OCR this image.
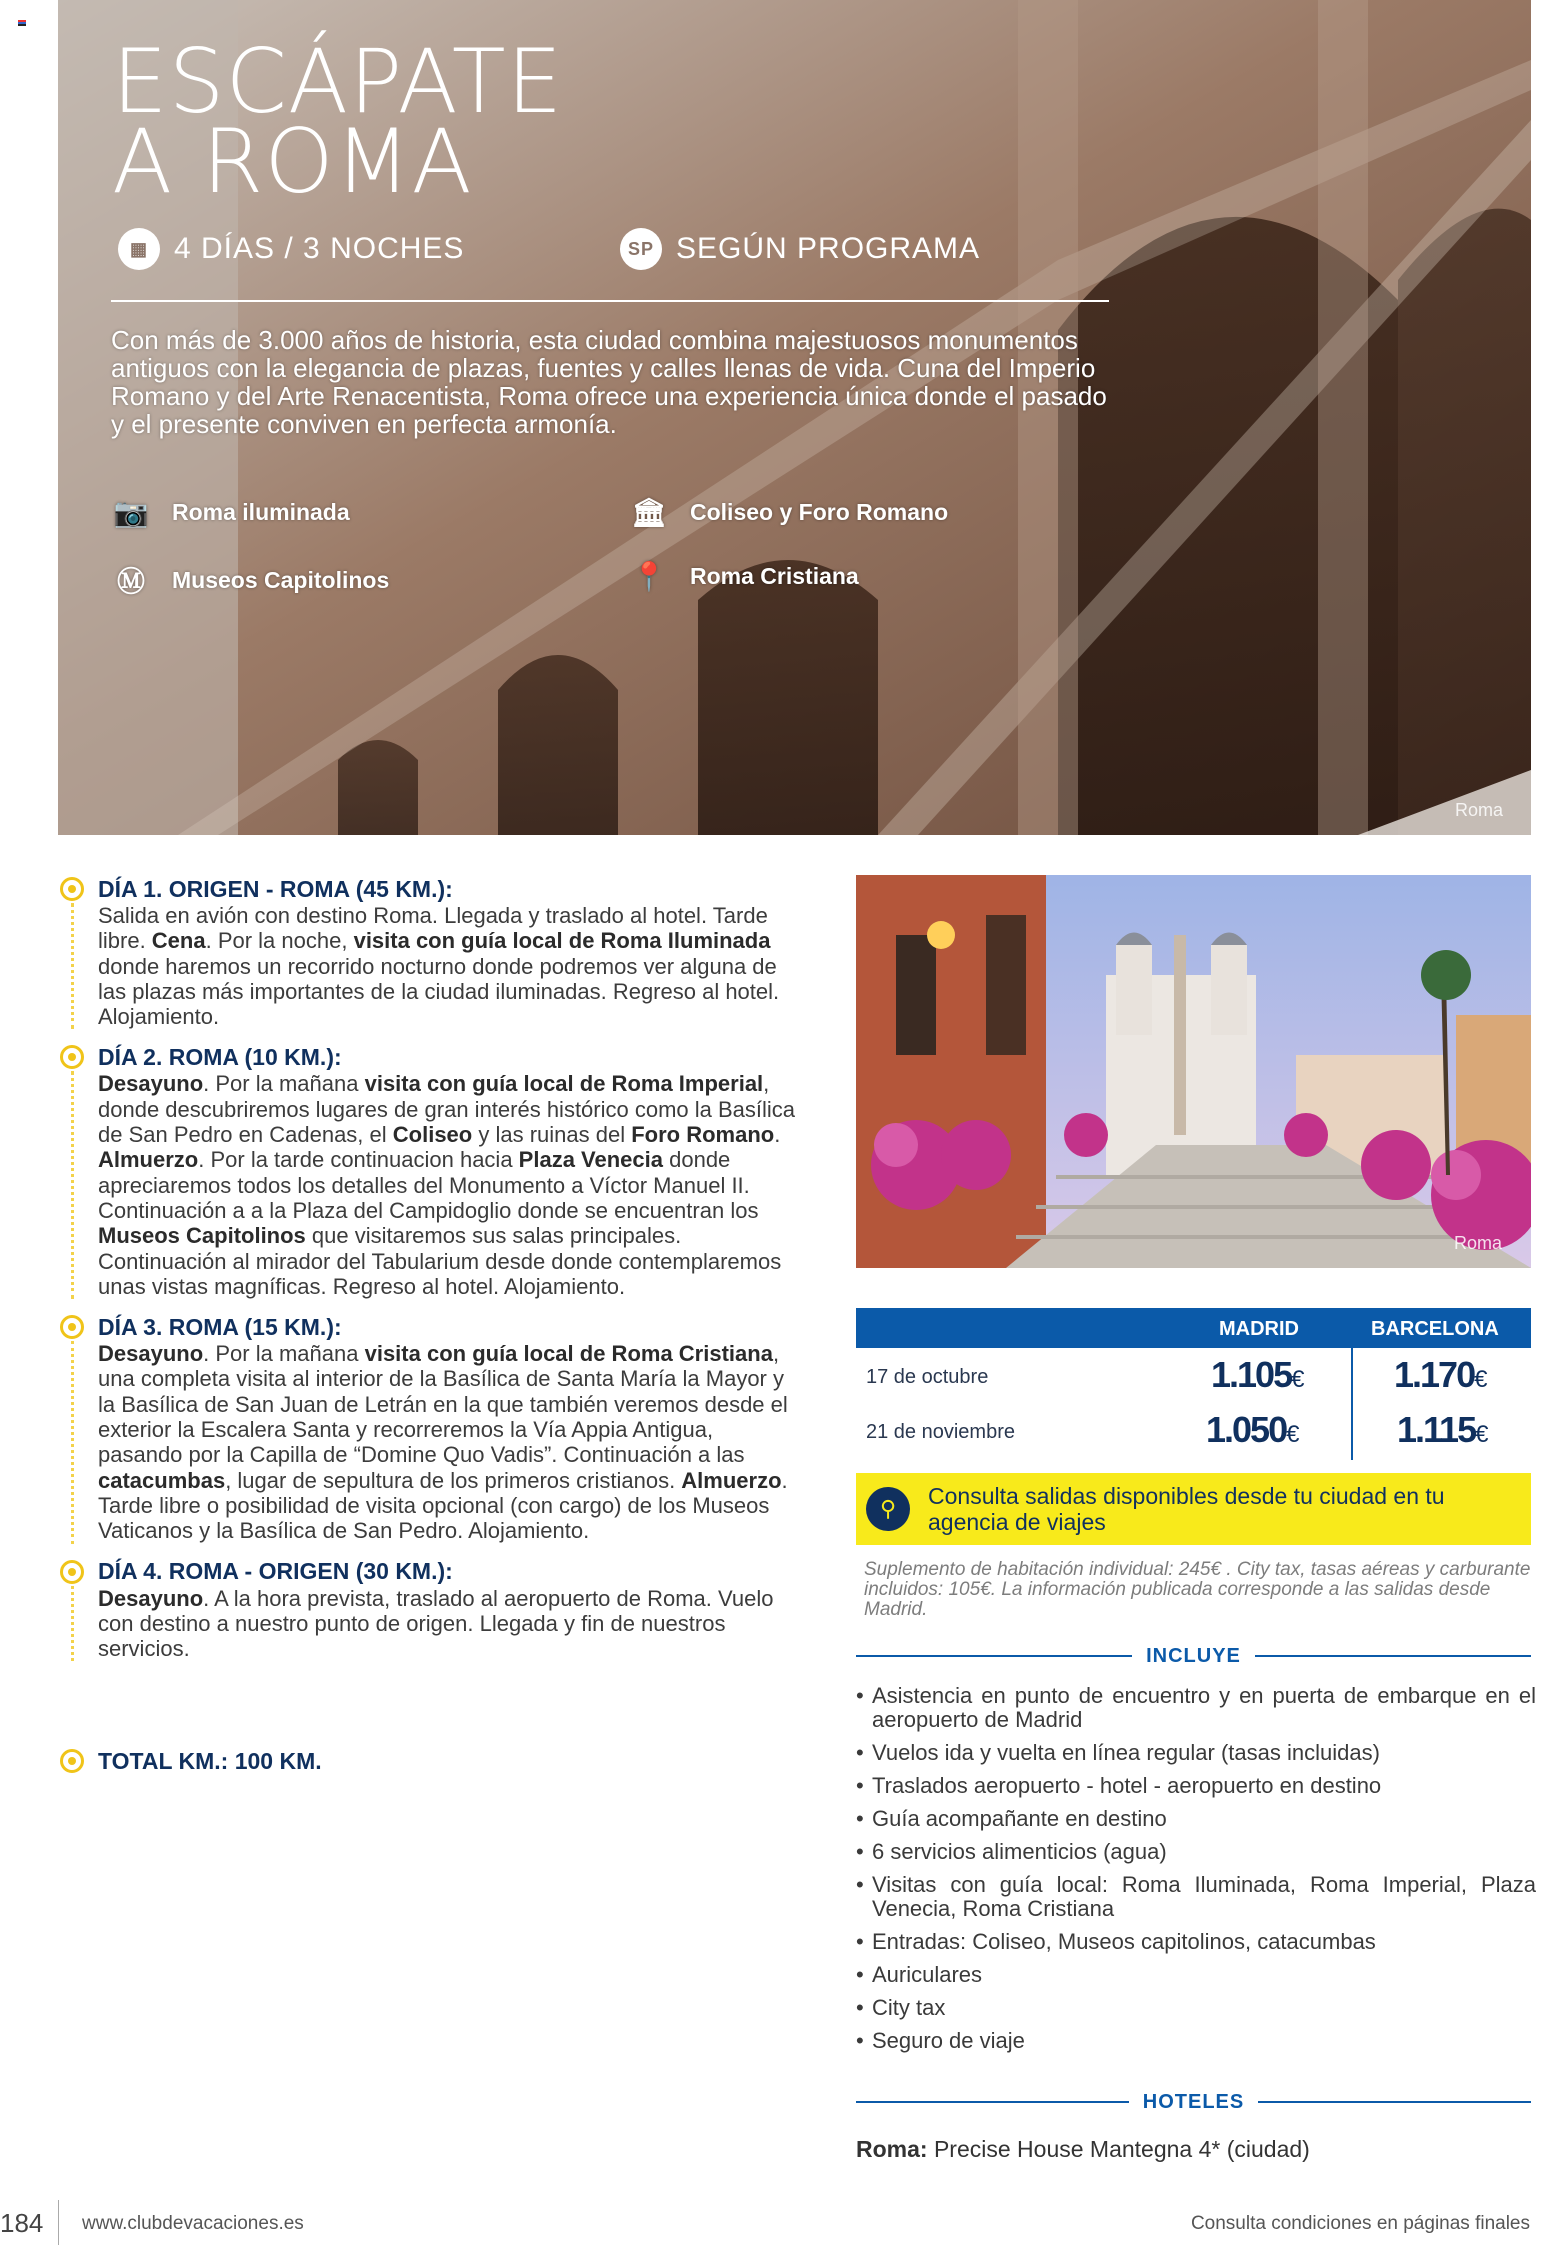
ESCÁPATE
A ROMA
▦ 4 DÍAS / 3 NOCHES	SP SEGÚN PROGRAMA
Con más de 3.000 años de historia, esta ciudad combina majestuosos monumentos antiguos con la elegancia de plazas, fuentes y calles llenas de vida. Cuna del Imperio Romano y del Arte Renacentista, Roma ofrece una experiencia única donde el pasado y el presente conviven en perfecta armonía.
📷 Roma iluminada	🏛 Coliseo y Foro Romano
Ⓜ Museos Capitolinos	📍 Roma Cristiana
Roma
DÍA 1. ORIGEN - ROMA (45 KM.):
Salida en avión con destino Roma. Llegada y traslado al hotel. Tarde libre. Cena. Por la noche, visita con guía local de Roma Iluminada donde haremos un recorrido nocturno donde podremos ver alguna de las plazas más importantes de la ciudad iluminadas. Regreso al hotel. Alojamiento.
DÍA 2. ROMA (10 KM.):
Desayuno. Por la mañana visita con guía local de Roma Imperial, donde descubriremos lugares de gran interés histórico como la Basílica de San Pedro en Cadenas, el Coliseo y las ruinas del Foro Romano. Almuerzo. Por la tarde continuacion hacia Plaza Venecia donde apreciaremos todos los detalles del Monumento a Víctor Manuel II. Continuación a a la Plaza del Campidoglio donde se encuentran los Museos Capitolinos que visitaremos sus salas principales. Continuación al mirador del Tabularium desde donde contemplaremos unas vistas magníficas. Regreso al hotel. Alojamiento.
DÍA 3. ROMA (15 KM.):
Desayuno. Por la mañana visita con guía local de Roma Cristiana, una completa visita al interior de la Basílica de Santa María la Mayor y la Basílica de San Juan de Letrán en la que también veremos desde el exterior la Escalera Santa y recorreremos la Vía Appia Antigua, pasando por la Capilla de “Domine Quo Vadis”. Continuación a las catacumbas, lugar de sepultura de los primeros cristianos. Almuerzo. Tarde libre o posibilidad de visita opcional (con cargo) de los Museos Vaticanos y la Basílica de San Pedro. Alojamiento.
DÍA 4. ROMA - ORIGEN (30 KM.):
Desayuno. A la hora prevista, traslado al aeropuerto de Roma. Vuelo con destino a nuestro punto de origen. Llegada y fin de nuestros servicios.
TOTAL KM.: 100 KM.
Roma
MADRID	BARCELONA
17 de octubre	1.105€	1.170€
21 de noviembre	1.050€	1.115€
⚲	Consulta salidas disponibles desde tu ciudad en tu agencia de viajes
Suplemento de habitación individual: 245€ . City tax, tasas aéreas y carburante incluidos: 105€. La información publicada corresponde a las salidas desde Madrid.
INCLUYE
• Asistencia en punto de encuentro y en puerta de embarque en el aeropuerto de Madrid
• Vuelos ida y vuelta en línea regular (tasas incluidas)
• Traslados aeropuerto - hotel - aeropuerto en destino
• Guía acompañante en destino
• 6 servicios alimenticios (agua)
• Visitas con guía local: Roma Iluminada, Roma Imperial, Plaza Venecia, Roma Cristiana
• Entradas: Coliseo, Museos capitolinos, catacumbas
• Auriculares
• City tax
• Seguro de viaje
HOTELES
Roma: Precise House Mantegna 4* (ciudad)
184 www.clubdevacaciones.es	Consulta condiciones en páginas finales
